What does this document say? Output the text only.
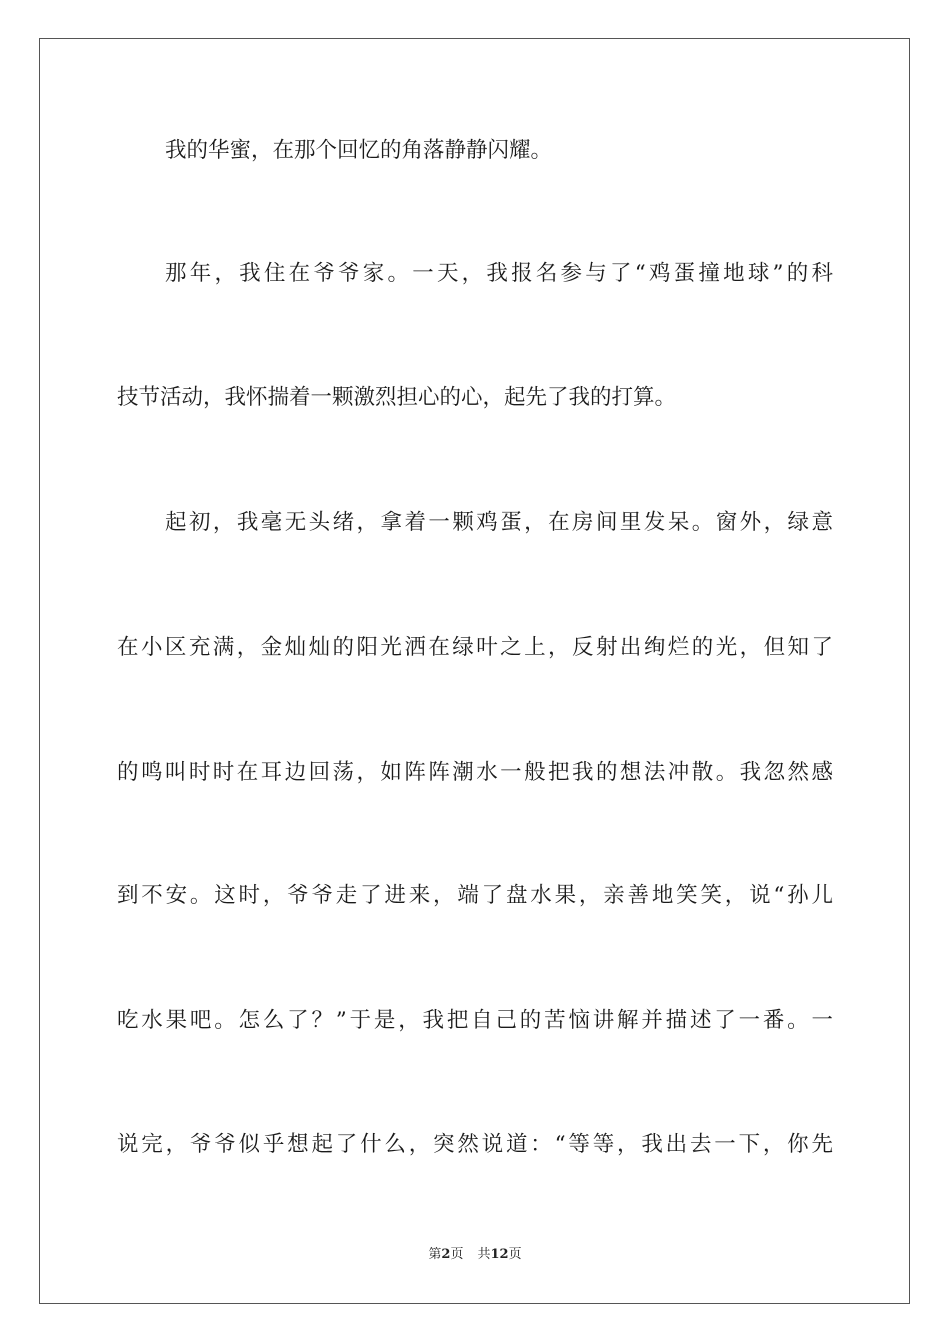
我的华蜜，在那个回忆的角落静静闪耀。
那年，我住在爷爷家。一天，我报名参与了“鸡蛋撞地球”的科
技节活动，我怀揣着一颗激烈担心的心，起先了我的打算。
起初，我毫无头绪，拿着一颗鸡蛋，在房间里发呆。窗外，绿意
在小区充满，金灿灿的阳光洒在绿叶之上，反射出绚烂的光，但知了
的鸣叫时时在耳边回荡，如阵阵潮水一般把我的想法冲散。我忽然感
到不安。这时，爷爷走了进来，端了盘水果，亲善地笑笑，说“孙儿
吃水果吧。怎么了？”于是，我把自己的苦恼讲解并描述了一番。一
说完，爷爷似乎想起了什么，突然说道：“等等，我出去一下，你先
第2页 共12页
